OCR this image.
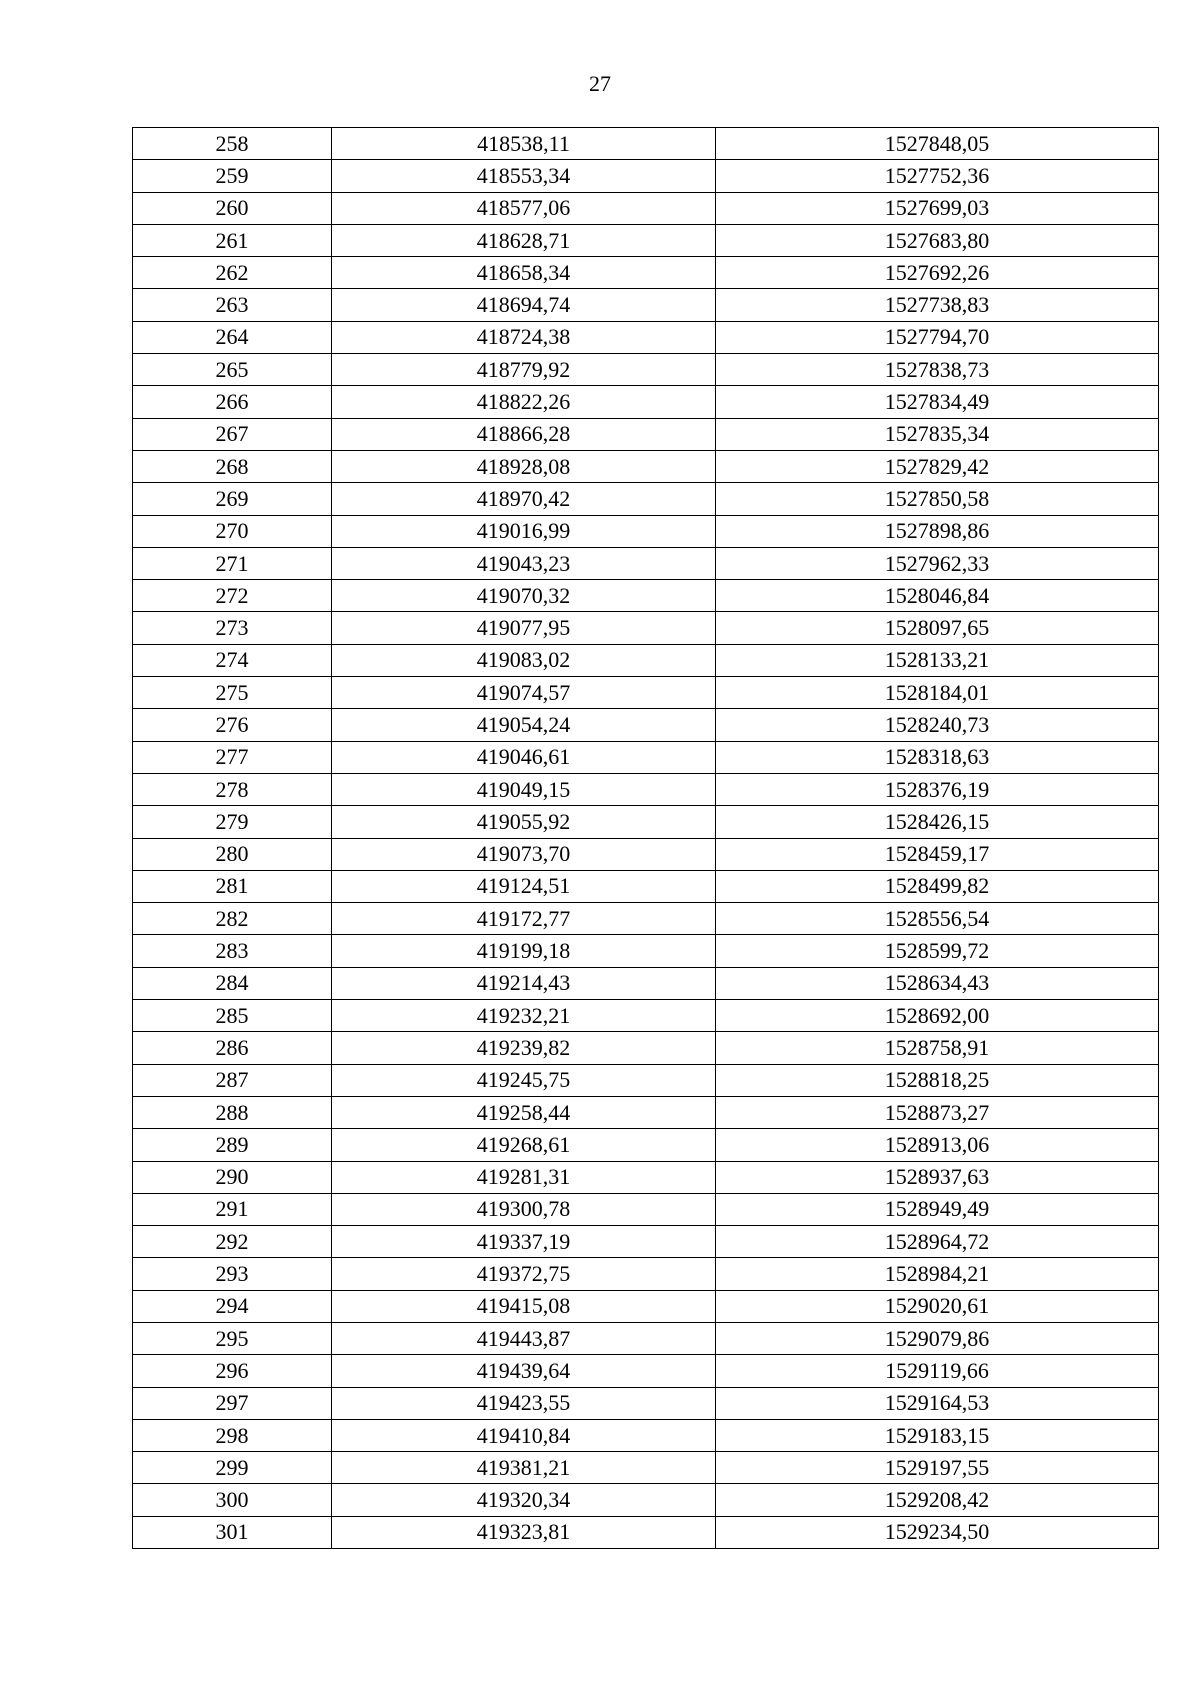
27
258	418538,11	1527848,05
259	418553,34	1527752,36
260	418577,06	1527699,03
261	418628,71	1527683,80
262	418658,34	1527692,26
263	418694,74	1527738,83
264	418724,38	1527794,70
265	418779,92	1527838,73
266	418822,26	1527834,49
267	418866,28	1527835,34
268	418928,08	1527829,42
269	418970,42	1527850,58
270	419016,99	1527898,86
271	419043,23	1527962,33
272	419070,32	1528046,84
273	419077,95	1528097,65
274	419083,02	1528133,21
275	419074,57	1528184,01
276	419054,24	1528240,73
277	419046,61	1528318,63
278	419049,15	1528376,19
279	419055,92	1528426,15
280	419073,70	1528459,17
281	419124,51	1528499,82
282	419172,77	1528556,54
283	419199,18	1528599,72
284	419214,43	1528634,43
285	419232,21	1528692,00
286	419239,82	1528758,91
287	419245,75	1528818,25
288	419258,44	1528873,27
289	419268,61	1528913,06
290	419281,31	1528937,63
291	419300,78	1528949,49
292	419337,19	1528964,72
293	419372,75	1528984,21
294	419415,08	1529020,61
295	419443,87	1529079,86
296	419439,64	1529119,66
297	419423,55	1529164,53
298	419410,84	1529183,15
299	419381,21	1529197,55
300	419320,34	1529208,42
301	419323,81	1529234,50
